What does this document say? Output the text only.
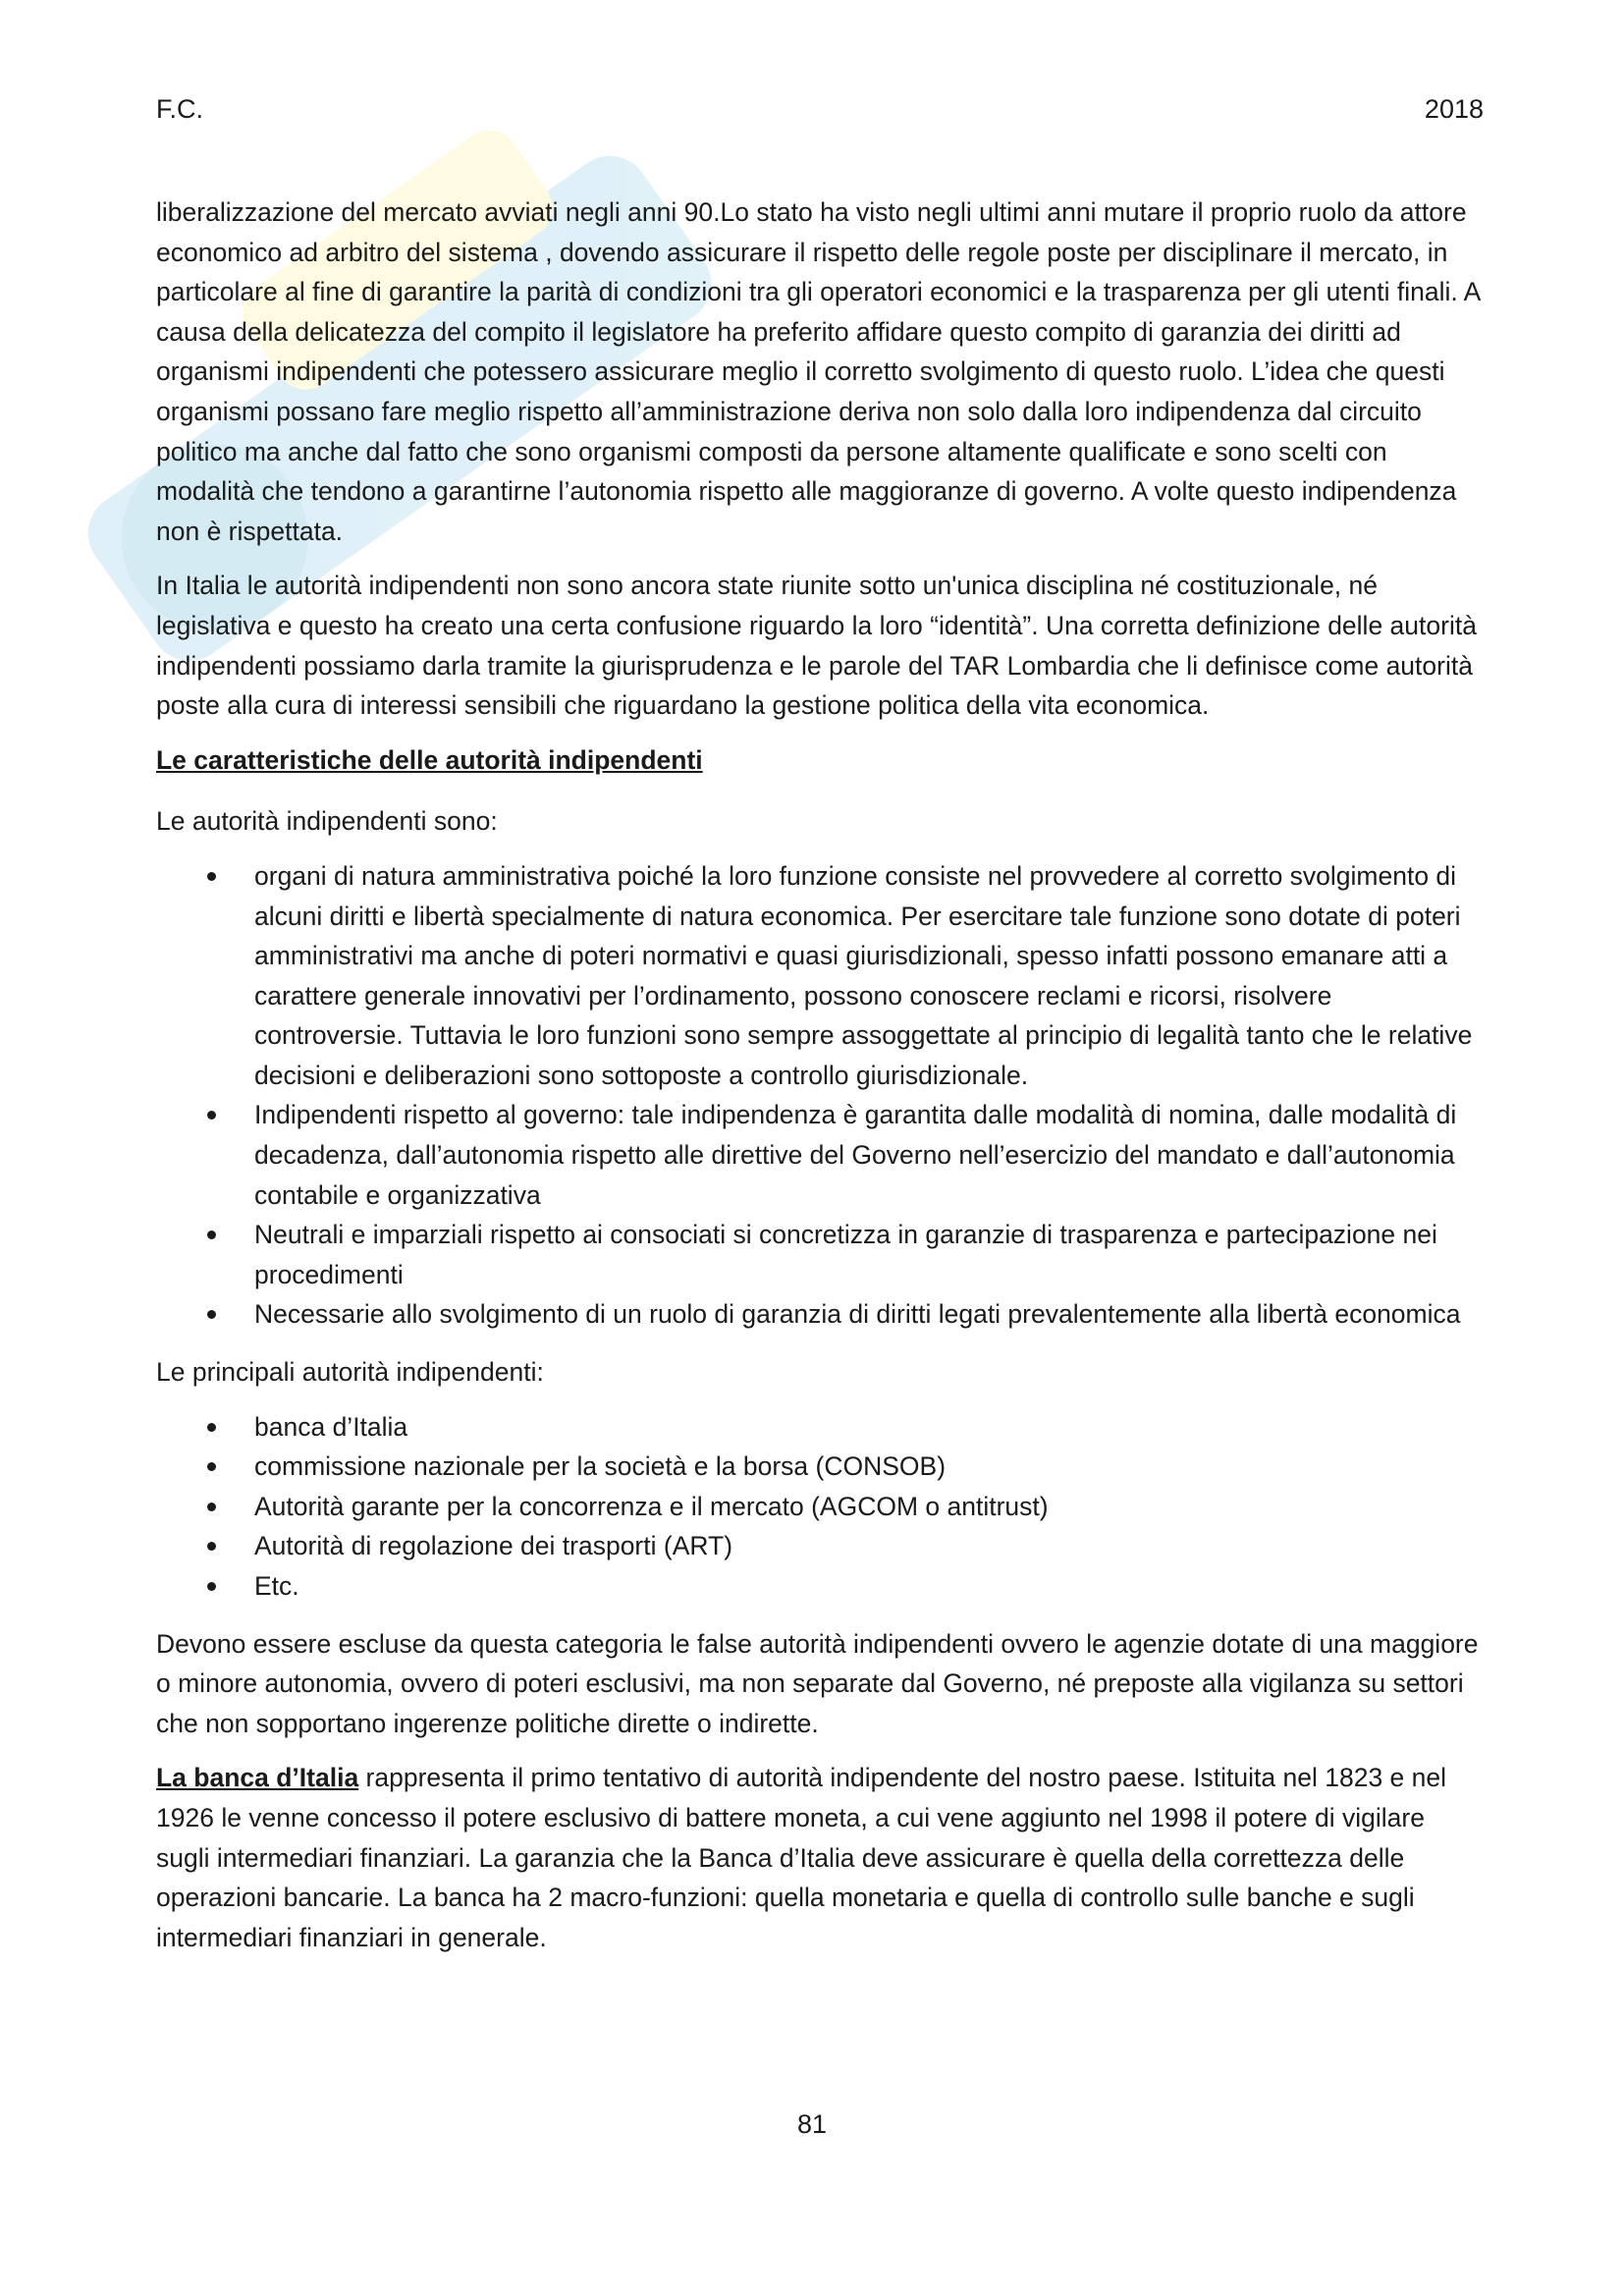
F.C.	2018

liberalizzazione del mercato avviati negli anni 90.Lo stato ha visto negli ultimi anni mutare il proprio ruolo da attore economico ad arbitro del sistema , dovendo assicurare il rispetto delle regole poste per disciplinare il mercato, in particolare al fine di garantire la parità di condizioni tra gli operatori economici e la trasparenza per gli utenti finali. A causa della delicatezza del compito il legislatore ha preferito affidare questo compito di garanzia dei diritti ad organismi indipendenti che potessero assicurare meglio il corretto svolgimento di questo ruolo. L’idea che questi organismi possano fare meglio rispetto all’amministrazione deriva non solo dalla loro indipendenza dal circuito politico ma anche dal fatto che sono organismi composti da persone altamente qualificate e sono scelti con modalità che tendono a garantirne l’autonomia rispetto alle maggioranze di governo. A volte questo indipendenza non è rispettata.

In Italia le autorità indipendenti non sono ancora state riunite sotto un'unica disciplina né costituzionale, né legislativa e questo ha creato una certa confusione riguardo la loro “identità”. Una corretta definizione delle autorità indipendenti possiamo darla tramite la giurisprudenza e le parole del TAR Lombardia che li definisce come autorità poste alla cura di interessi sensibili che riguardano la gestione politica della vita economica.

Le caratteristiche delle autorità indipendenti

Le autorità indipendenti sono:

organi di natura amministrativa poiché la loro funzione consiste nel provvedere al corretto svolgimento di alcuni diritti e libertà specialmente di natura economica. Per esercitare tale funzione sono dotate di poteri amministrativi ma anche di poteri normativi e quasi giurisdizionali, spesso infatti possono emanare atti a carattere generale innovativi per l’ordinamento, possono conoscere reclami e ricorsi, risolvere controversie. Tuttavia le loro funzioni sono sempre assoggettate al principio di legalità tanto che le relative decisioni e deliberazioni sono sottoposte a controllo giurisdizionale.
Indipendenti rispetto al governo: tale indipendenza è garantita dalle modalità di nomina, dalle modalità di decadenza, dall’autonomia rispetto alle direttive del Governo nell’esercizio del mandato e dall’autonomia contabile e organizzativa
Neutrali e imparziali rispetto ai consociati si concretizza in garanzie di trasparenza e partecipazione nei procedimenti
Necessarie allo svolgimento di un ruolo di garanzia di diritti legati prevalentemente alla libertà economica

Le principali autorità indipendenti:

banca d’Italia
commissione nazionale per la società e la borsa (CONSOB)
Autorità garante per la concorrenza e il mercato (AGCOM o antitrust)
Autorità di regolazione dei trasporti (ART)
Etc.

Devono essere escluse da questa categoria le false autorità indipendenti ovvero le agenzie dotate di una maggiore o minore autonomia, ovvero di poteri esclusivi, ma non separate dal Governo, né preposte alla vigilanza su settori che non sopportano ingerenze politiche dirette o indirette.

La banca d’Italia rappresenta il primo tentativo di autorità indipendente del nostro paese. Istituita nel 1823 e nel 1926 le venne concesso il potere esclusivo di battere moneta, a cui vene aggiunto nel 1998 il potere di vigilare sugli intermediari finanziari. La garanzia che la Banca d’Italia deve assicurare è quella della correttezza delle operazioni bancarie. La banca ha 2 macro-funzioni: quella monetaria e quella di controllo sulle banche e sugli intermediari finanziari in generale.

81
